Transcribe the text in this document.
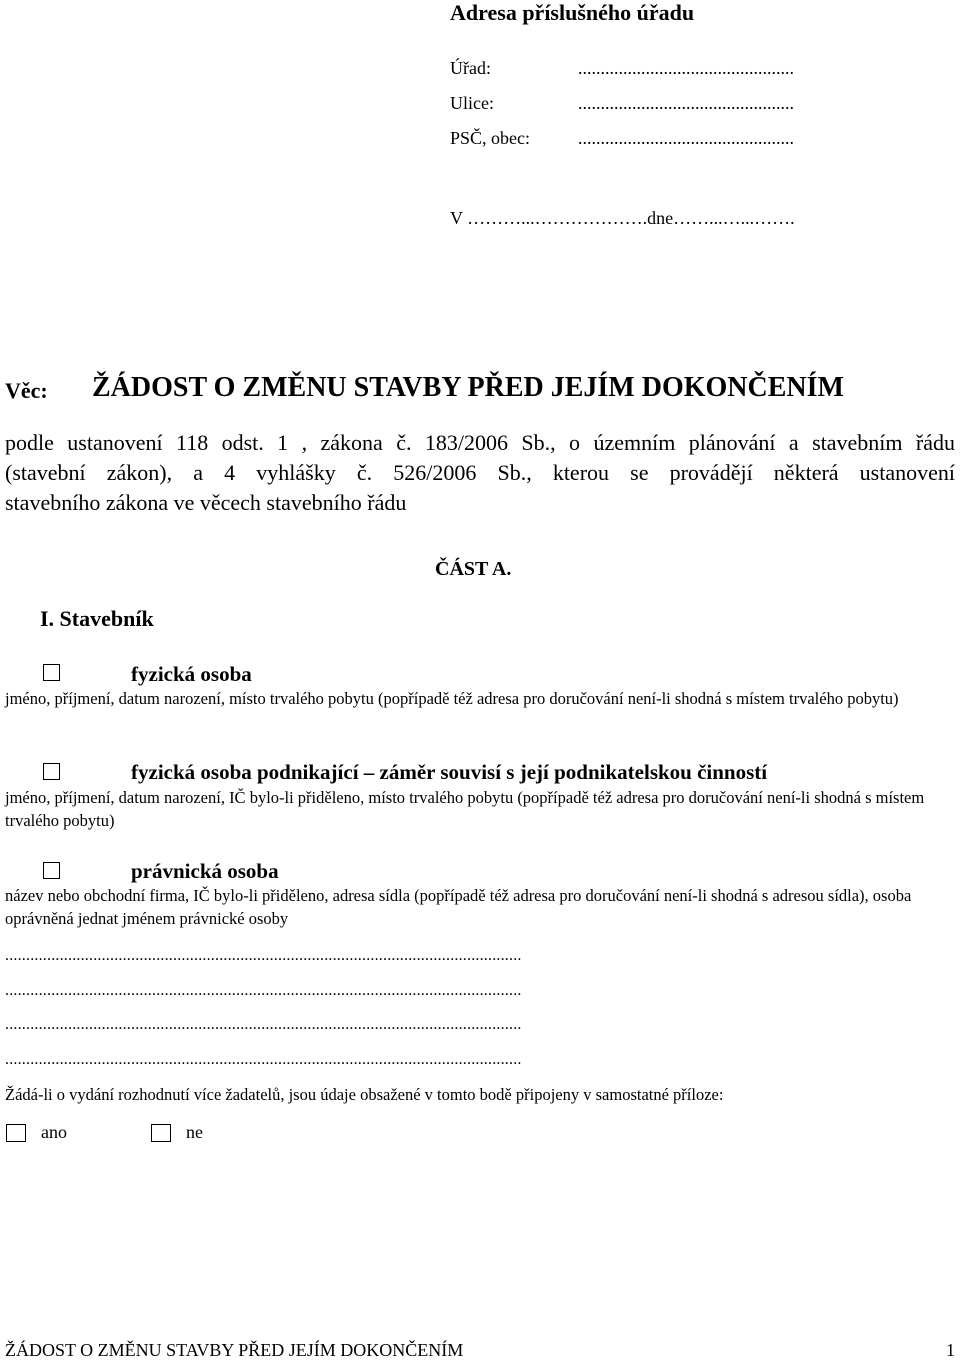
Adresa příslušného úřadu
Úřad:	................................................
Ulice:	................................................
PSČ, obec:	................................................
V ………...……………….dne……...…...…….
Věc: ŽÁDOST O ZMĚNU STAVBY PŘED JEJÍM DOKONČENÍM
podle ustanovení 118 odst. 1 , zákona č. 183/2006 Sb., o územním plánování a stavebním řádu
(stavební zákon), a 4 vyhlášky č. 526/2006 Sb., kterou se provádějí některá ustanovení
stavebního zákona ve věcech stavebního řádu
ČÁST A.
I. Stavebník
fyzická osoba
jméno, příjmení, datum narození, místo trvalého pobytu (popřípadě též adresa pro doručování není-li shodná s místem trvalého pobytu)
fyzická osoba podnikající – záměr souvisí s její podnikatelskou činností
jméno, příjmení, datum narození, IČ bylo-li přiděleno, místo trvalého pobytu (popřípadě též adresa pro doručování není-li shodná s místem trvalého pobytu)
právnická osoba
název nebo obchodní firma, IČ bylo-li přiděleno, adresa sídla (popřípadě též adresa pro doručování není-li shodná s adresou sídla), osoba oprávněná jednat jménem právnické osoby
...........................................................................................................................
...........................................................................................................................
...........................................................................................................................
...........................................................................................................................
Žádá-li o vydání rozhodnutí více žadatelů, jsou údaje obsažené v tomto bodě připojeny v samostatné příloze:
ano	ne
ŽÁDOST O ZMĚNU STAVBY PŘED JEJÍM DOKONČENÍM	1
